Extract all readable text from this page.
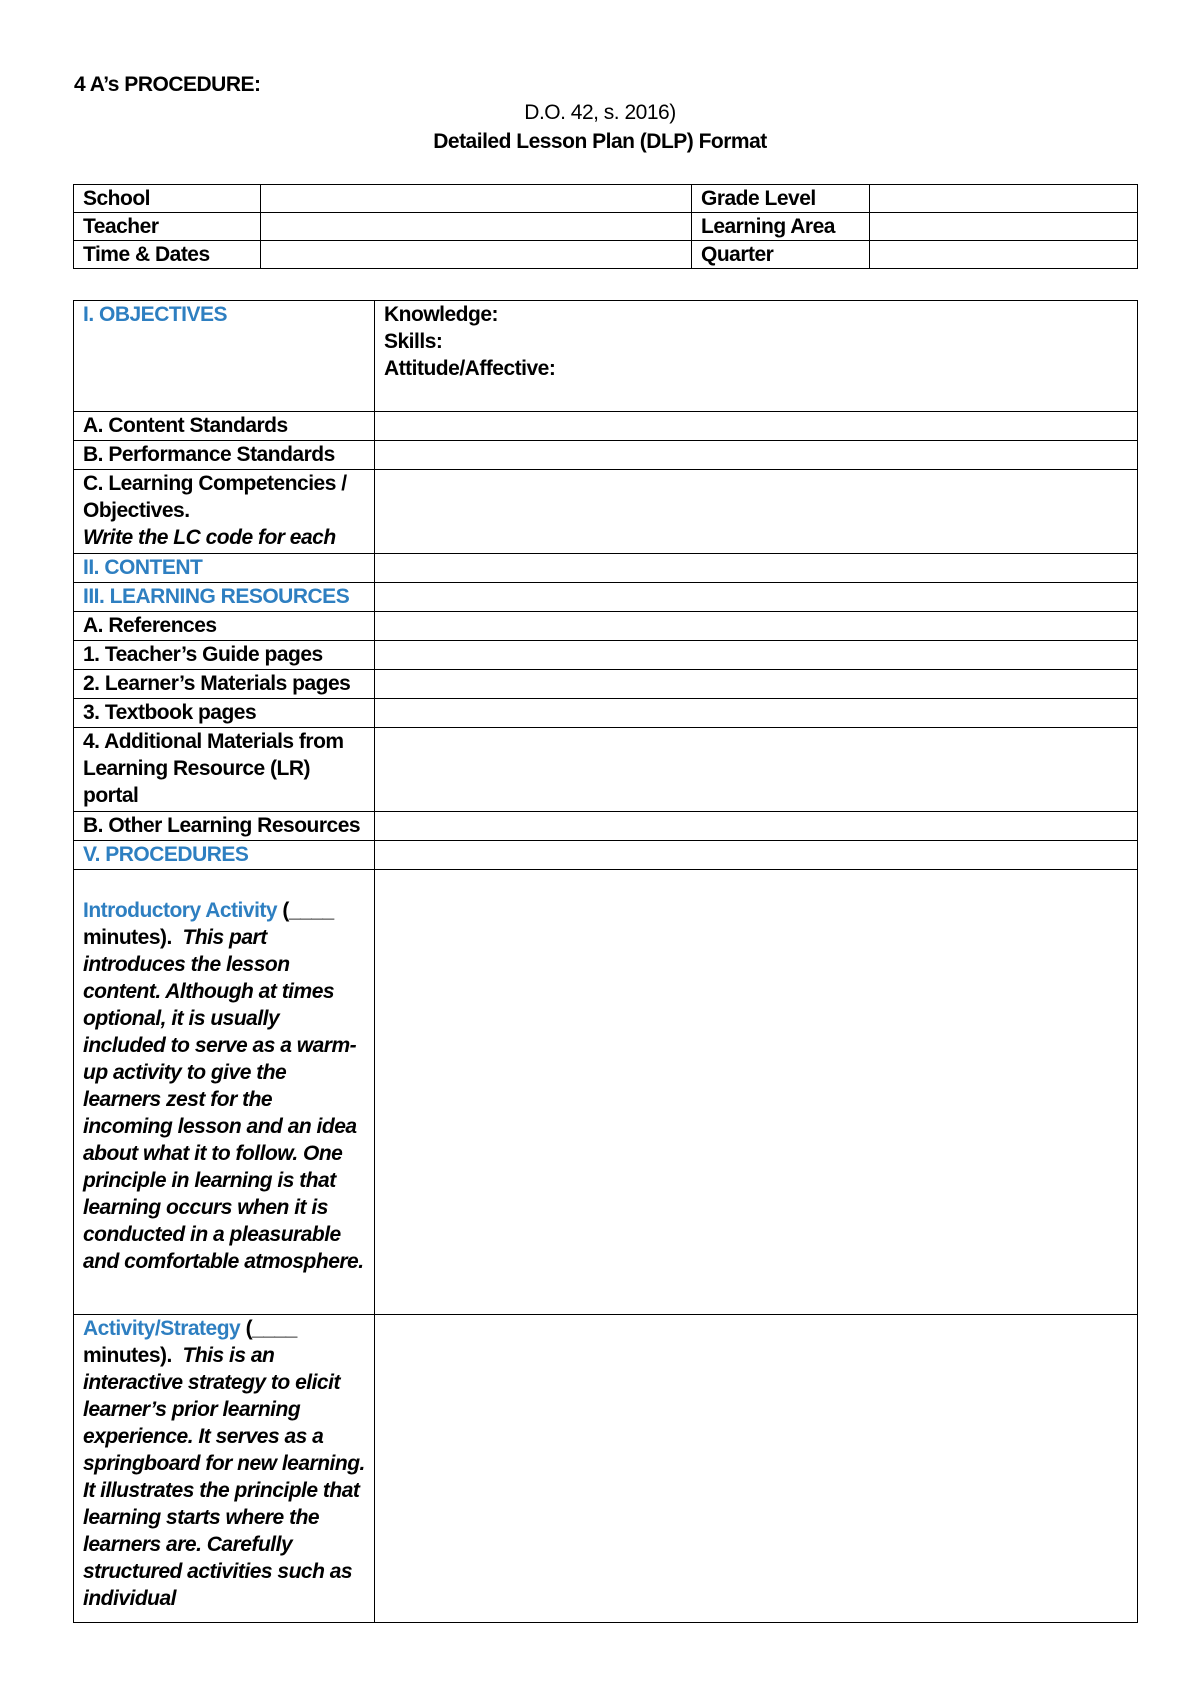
4 A’s PROCEDURE:
D.O. 42, s. 2016)
Detailed Lesson Plan (DLP) Format
School		Grade Level	
Teacher		Learning Area	
Time & Dates		Quarter	
I. OBJECTIVES	Knowledge:
Skills:
Attitude/Affective:

A. Content Standards	
B. Performance Standards	

C. Learning Competencies /
Objectives.
Write the LC code for each	

II. CONTENT	
III. LEARNING RESOURCES	
A. References	
1. Teacher’s Guide pages	
2. Learner’s Materials pages	
3. Textbook pages	

4. Additional Materials from
Learning Resource (LR)
portal	

B. Other Learning Resources	
V. PROCEDURES	

Introductory Activity (____
minutes). This part introduces the lesson content. Although at times optional, it is usually included to serve as a warm-up activity to give the learners zest for the incoming lesson and an idea about what it to follow. One principle in learning is that learning occurs when it is conducted in a pleasurable and comfortable atmosphere.	

Activity/Strategy (____
minutes). This is an interactive strategy to elicit learner’s prior learning experience. It serves as a springboard for new learning. It illustrates the principle that learning starts where the learners are. Carefully structured activities such as individual	
